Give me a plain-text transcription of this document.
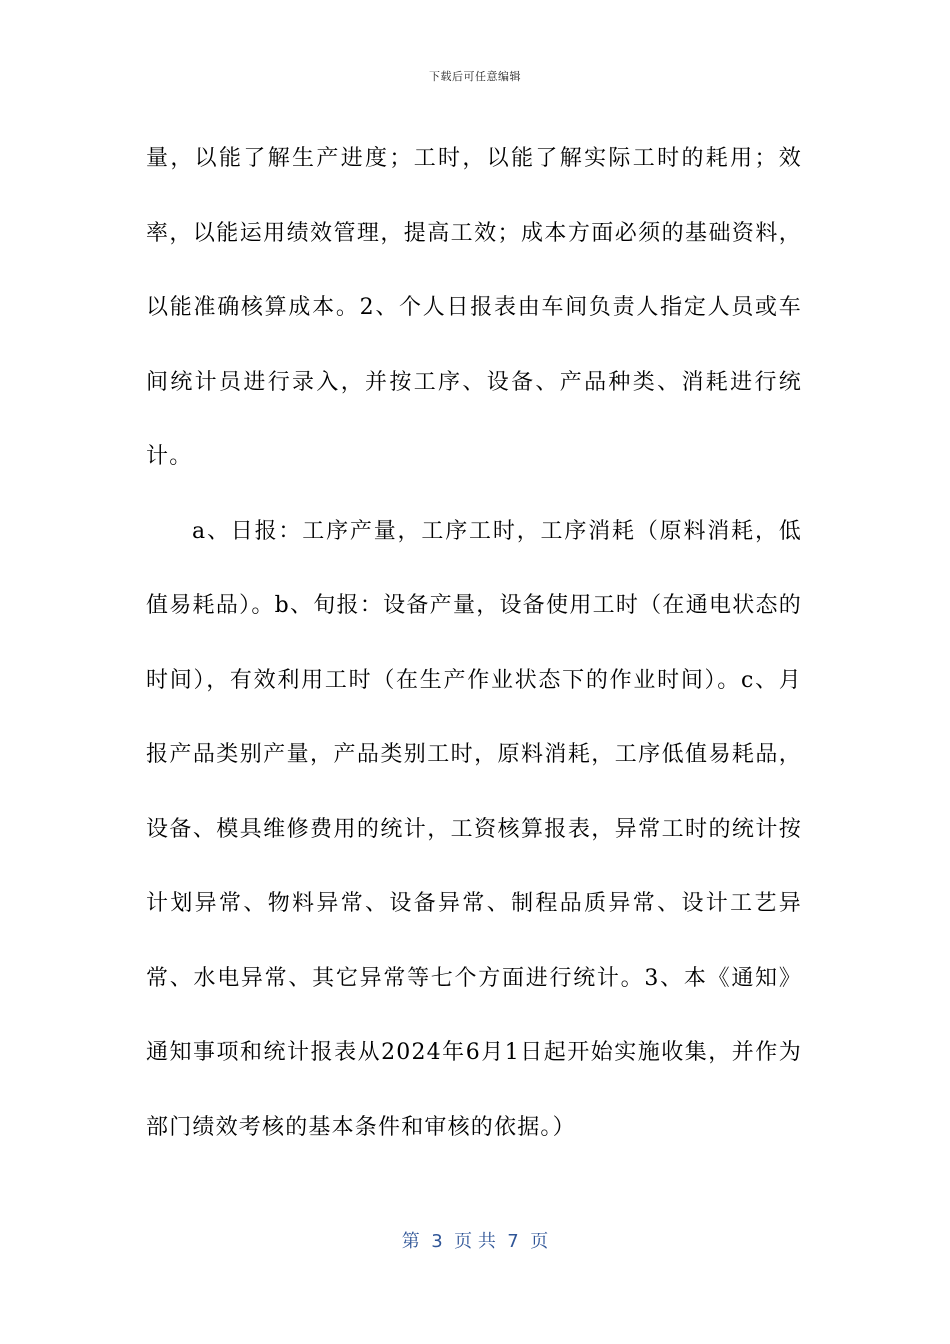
下载后可任意编辑

量，以能了解生产进度；工时，以能了解实际工时的耗用；效率，以能运用绩效管理，提高工效；成本方面必须的基础资料，以能准确核算成本。2、个人日报表由车间负责人指定人员或车间统计员进行录入，并按工序、设备、产品种类、消耗进行统计。

a、日报：工序产量，工序工时，工序消耗（原料消耗，低值易耗品）。b、旬报：设备产量，设备使用工时（在通电状态的时间），有效利用工时（在生产作业状态下的作业时间）。c、月报产品类别产量，产品类别工时，原料消耗，工序低值易耗品，设备、模具维修费用的统计，工资核算报表，异常工时的统计按计划异常、物料异常、设备异常、制程品质异常、设计工艺异常、水电异常、其它异常等七个方面进行统计。3、本《通知》通知事项和统计报表从2024年6月1日起开始实施收集，并作为部门绩效考核的基本条件和审核的依据。）

第  3  页 共  7  页
